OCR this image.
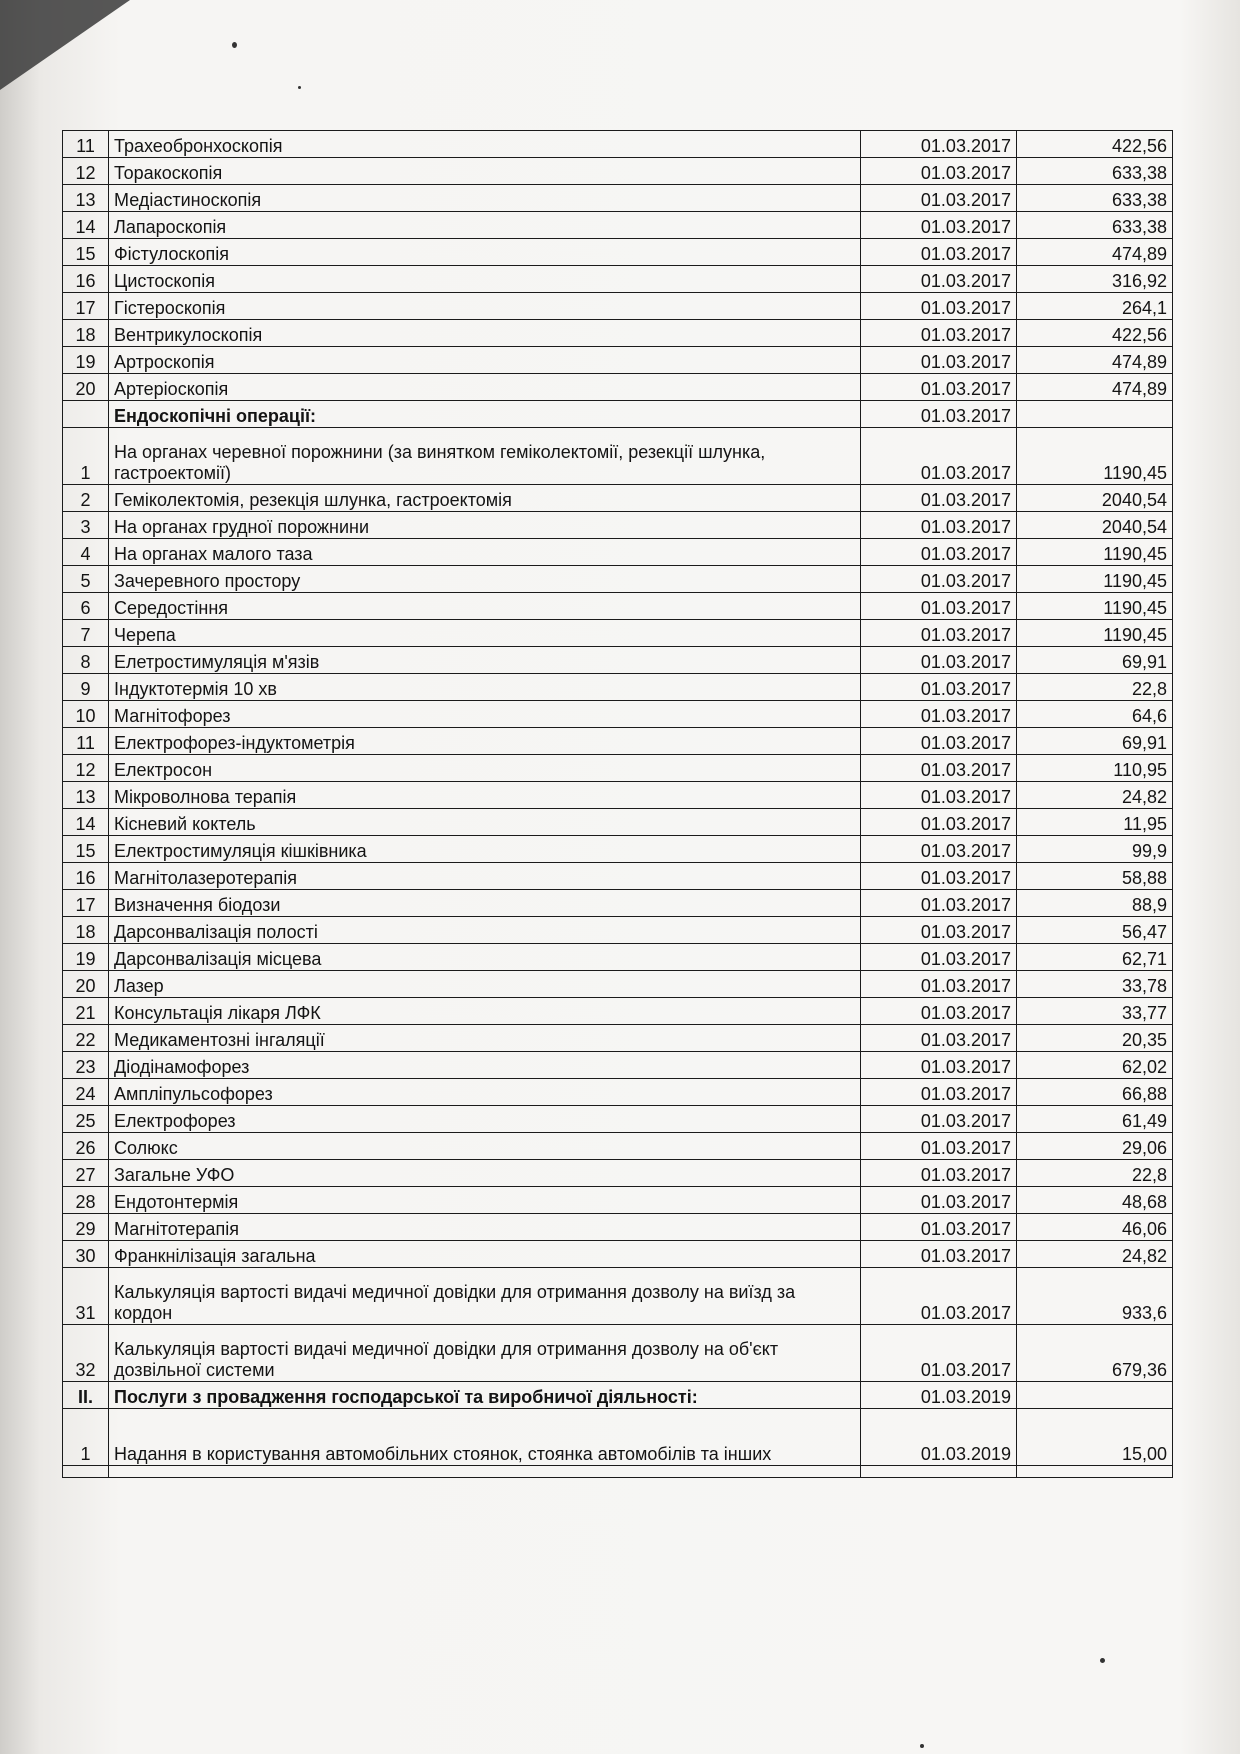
11	Трахеобронхоскопія	01.03.2017	422,56
12	Торакоскопія	01.03.2017	633,38
13	Медіастиноскопія	01.03.2017	633,38
14	Лапароскопія	01.03.2017	633,38
15	Фістулоскопія	01.03.2017	474,89
16	Цистоскопія	01.03.2017	316,92
17	Гістероскопія	01.03.2017	264,1
18	Вентрикулоскопія	01.03.2017	422,56
19	Артроскопія	01.03.2017	474,89
20	Артеріоскопія	01.03.2017	474,89
	Ендоскопічні операції:	01.03.2017	
1	На органах черевної порожнини (за винятком геміколектомії, резекції шлунка, гастроектомії)	01.03.2017	1190,45
2	Геміколектомія, резекція шлунка, гастроектомія	01.03.2017	2040,54
3	На органах грудної порожнини	01.03.2017	2040,54
4	На органах малого таза	01.03.2017	1190,45
5	Зачеревного простору	01.03.2017	1190,45
6	Середостіння	01.03.2017	1190,45
7	Черепа	01.03.2017	1190,45
8	Елетростимуляція м'язів	01.03.2017	69,91
9	Індуктотермія 10 хв	01.03.2017	22,8
10	Магнітофорез	01.03.2017	64,6
11	Електрофорез-індуктометрія	01.03.2017	69,91
12	Електросон	01.03.2017	110,95
13	Мікроволнова терапія	01.03.2017	24,82
14	Кісневий коктель	01.03.2017	11,95
15	Електростимуляція кішківника	01.03.2017	99,9
16	Магнітолазеротерапія	01.03.2017	58,88
17	Визначення біодози	01.03.2017	88,9
18	Дарсонвалізація полості	01.03.2017	56,47
19	Дарсонвалізація місцева	01.03.2017	62,71
20	Лазер	01.03.2017	33,78
21	Консультація лікаря ЛФК	01.03.2017	33,77
22	Медикаментозні інгаляції	01.03.2017	20,35
23	Діодінамофорез	01.03.2017	62,02
24	Ампліпульсофорез	01.03.2017	66,88
25	Електрофорез	01.03.2017	61,49
26	Солюкс	01.03.2017	29,06
27	Загальне УФО	01.03.2017	22,8
28	Ендотонтермія	01.03.2017	48,68
29	Магнітотерапія	01.03.2017	46,06
30	Франкнілізація загальна	01.03.2017	24,82
31	Калькуляція вартості видачі медичної довідки для отримання дозволу на виїзд за кордон	01.03.2017	933,6
32	Калькуляція вартості видачі медичної довідки для отримання дозволу на об'єкт дозвільної системи	01.03.2017	679,36
II.	Послуги з провадження господарської та виробничої діяльності:	01.03.2019	
1	Надання в користування автомобільних стоянок, стоянка автомобілів та інших	01.03.2019	15,00
